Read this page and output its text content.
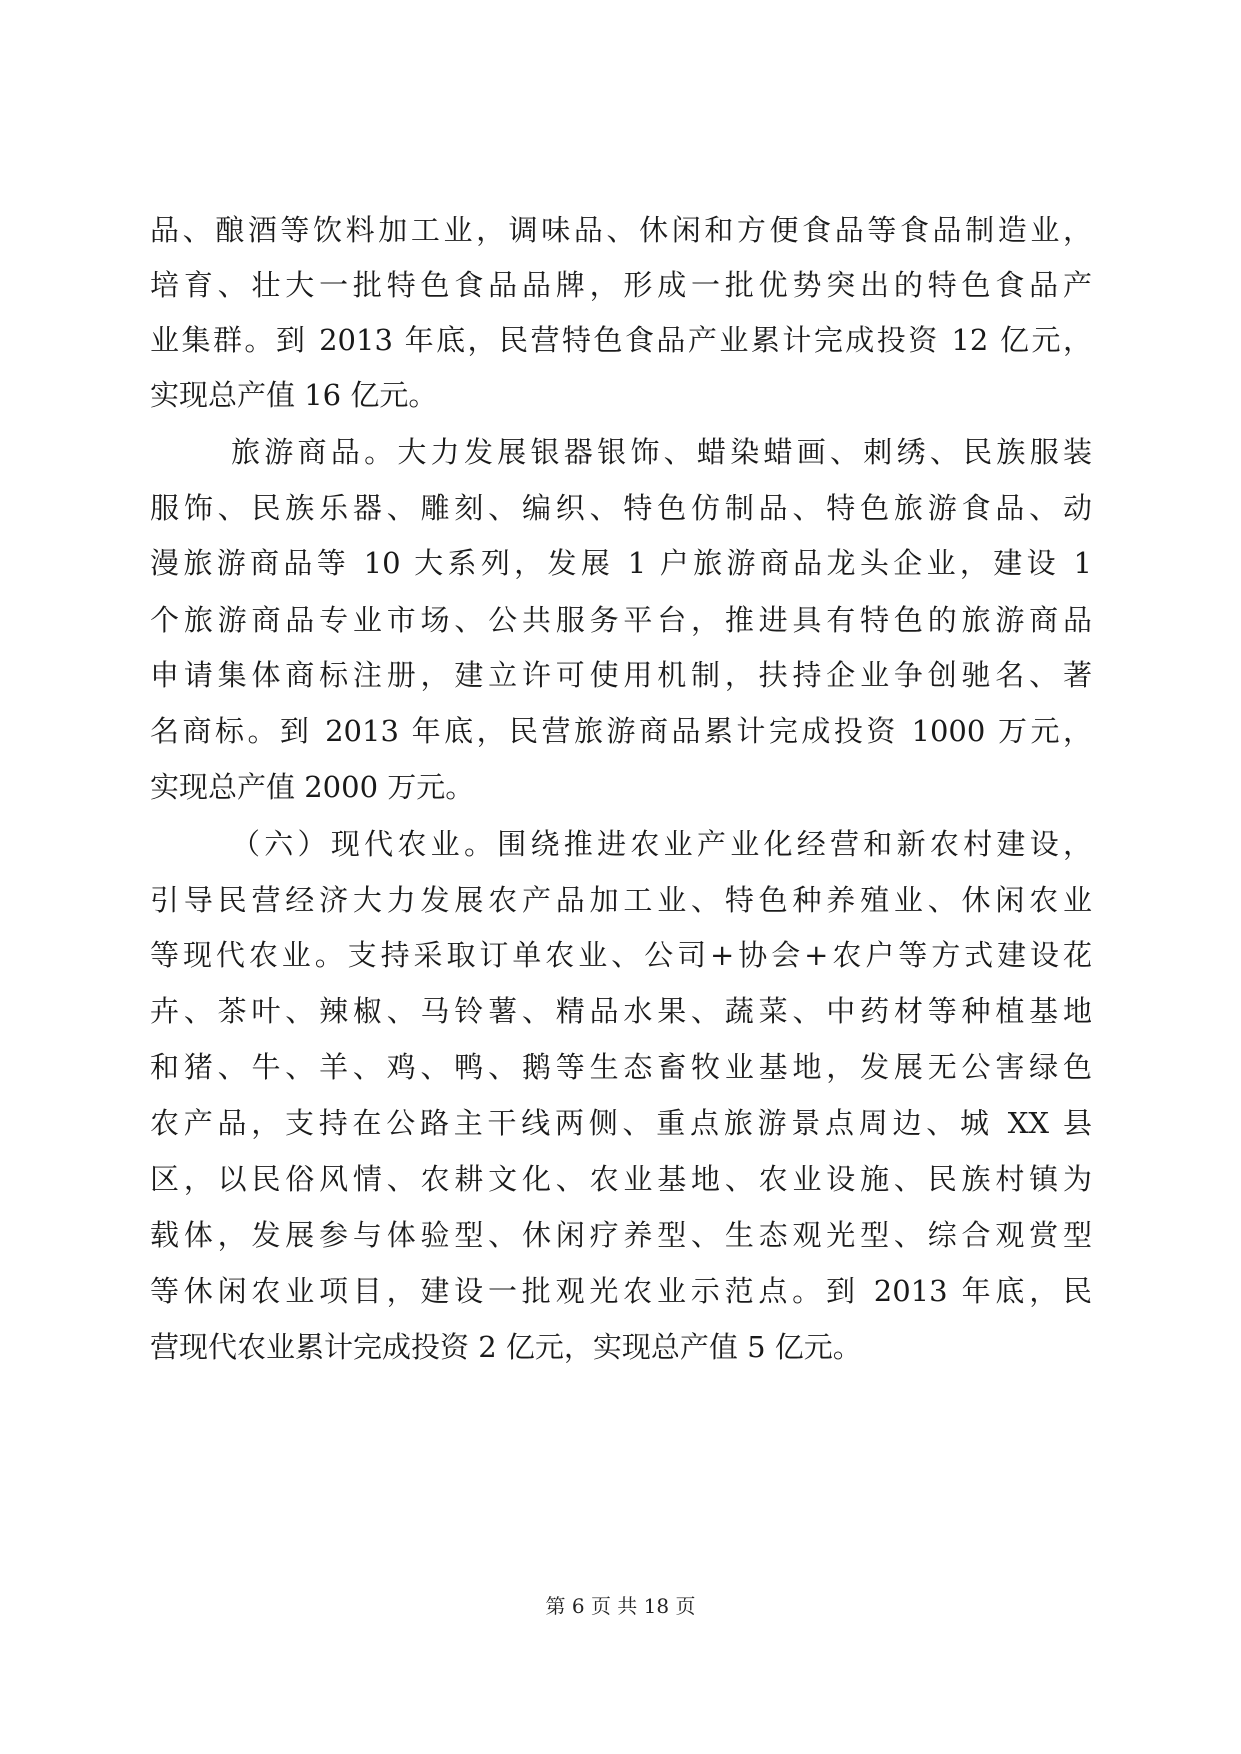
品、酿酒等饮料加工业，调味品、休闲和方便食品等食品制造业，
培育、壮大一批特色食品品牌，形成一批优势突出的特色食品产
业集群。到 2013 年底，民营特色食品产业累计完成投资 12 亿元，
实现总产值 16 亿元。
旅游商品。大力发展银器银饰、蜡染蜡画、刺绣、民族服装
服饰、民族乐器、雕刻、编织、特色仿制品、特色旅游食品、动
漫旅游商品等 10 大系列，发展 1 户旅游商品龙头企业，建设 1
个旅游商品专业市场、公共服务平台，推进具有特色的旅游商品
申请集体商标注册，建立许可使用机制，扶持企业争创驰名、著
名商标。到 2013 年底，民营旅游商品累计完成投资 1000 万元，
实现总产值 2000 万元。
（六）现代农业。围绕推进农业产业化经营和新农村建设，
引导民营经济大力发展农产品加工业、特色种养殖业、休闲农业
等现代农业。支持采取订单农业、公司+协会+农户等方式建设花
卉、茶叶、辣椒、马铃薯、精品水果、蔬菜、中药材等种植基地
和猪、牛、羊、鸡、鸭、鹅等生态畜牧业基地，发展无公害绿色
农产品，支持在公路主干线两侧、重点旅游景点周边、城 XX 县
区，以民俗风情、农耕文化、农业基地、农业设施、民族村镇为
载体，发展参与体验型、休闲疗养型、生态观光型、综合观赏型
等休闲农业项目，建设一批观光农业示范点。到 2013 年底，民
营现代农业累计完成投资 2 亿元，实现总产值 5 亿元。
第 6 页 共 18 页
